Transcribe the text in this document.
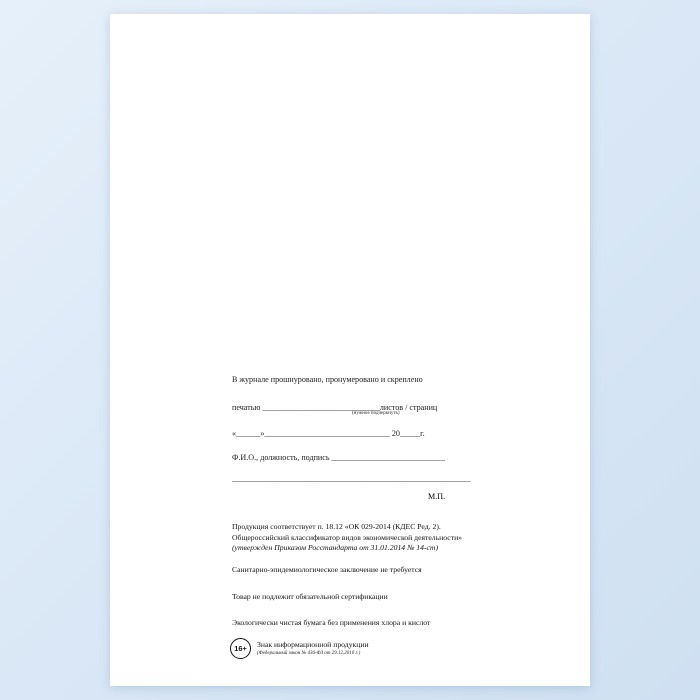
В журнале прошнуровано, пронумеровано и скреплено
печатью _____________________________листов / страниц
(нужное подчеркнуть)
«______»_______________________________ 20_____г.
Ф.И.О., должность, подпись ____________________________
___________________________________________________________
М.П.
Продукция соответствует п. 18.12 «ОК 029-2014 (КДЕС Ред. 2).
Общероссийский классификатор видов экономической деятельности»
(утвержден Приказом Росстандарта от 31.01.2014 № 14-ст)
Санитарно-эпидемиологическое заключение не требуется
Товар не подлежит обязательной сертификации
Экологически чистая бумага без применения хлора и кислот
16+	Знак информационной продукции
(Федеральный закон № 436-ФЗ от 29.12.2010 г.)
